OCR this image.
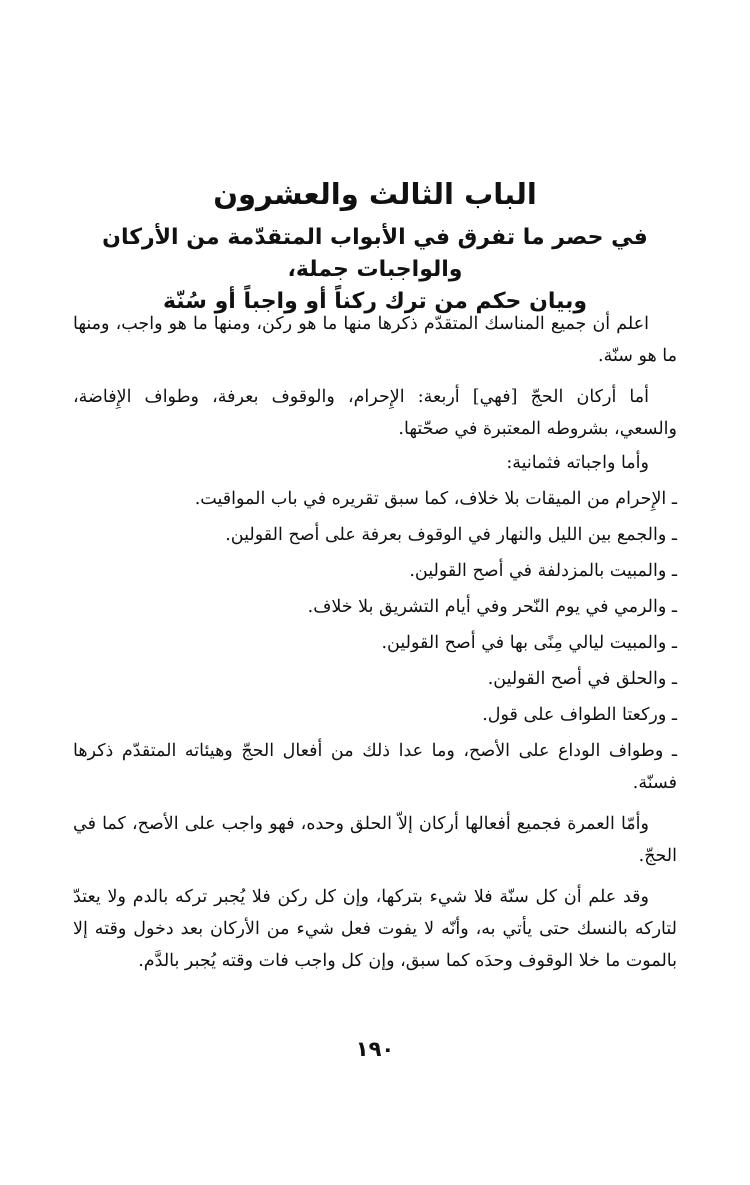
الباب الثالث والعشرون
في حصر ما تفرق في الأبواب المتقدّمة من الأركان والواجبات جملة،
وبيان حكم من ترك ركناً أو واجباً أو سُنّة

اعلم أن جميع المناسك المتقدّم ذكرها منها ما هو ركن، ومنها ما هو واجب، ومنها ما هو سنّة.

أما أركان الحجّ [فهي] أربعة: الإِحرام، والوقوف بعرفة، وطواف الإِفاضة، والسعي، بشروطه المعتبرة في صحّتها.

وأما واجباته فثمانية:

ـ الإِحرام من الميقات بلا خلاف، كما سبق تقريره في باب المواقيت.

ـ والجمع بين الليل والنهار في الوقوف بعرفة على أصح القولين.

ـ والمبيت بالمزدلفة في أصح القولين.

ـ والرمي في يوم النّحر وفي أيام التشريق بلا خلاف.

ـ والمبيت ليالي مِنًى بها في أصح القولين.

ـ والحلق في أصح القولين.

ـ وركعتا الطواف على قول.

ـ وطواف الوداع على الأصح، وما عدا ذلك من أفعال الحجّ وهيئاته المتقدّم ذكرها فسنّة.

وأمّا العمرة فجميع أفعالها أركان إلاّ الحلق وحده، فهو واجب على الأصح، كما في الحجّ.

وقد علم أن كل سنّة فلا شيء بتركها، وإن كل ركن فلا يُجبر تركه بالدم ولا يعتدّ لتاركه بالنسك حتى يأتي به، وأنّه لا يفوت فعل شيء من الأركان بعد دخول وقته إلا بالموت ما خلا الوقوف وحدَه كما سبق، وإن كل واجب فات وقته يُجبر بالدَّم.

١٩٠
